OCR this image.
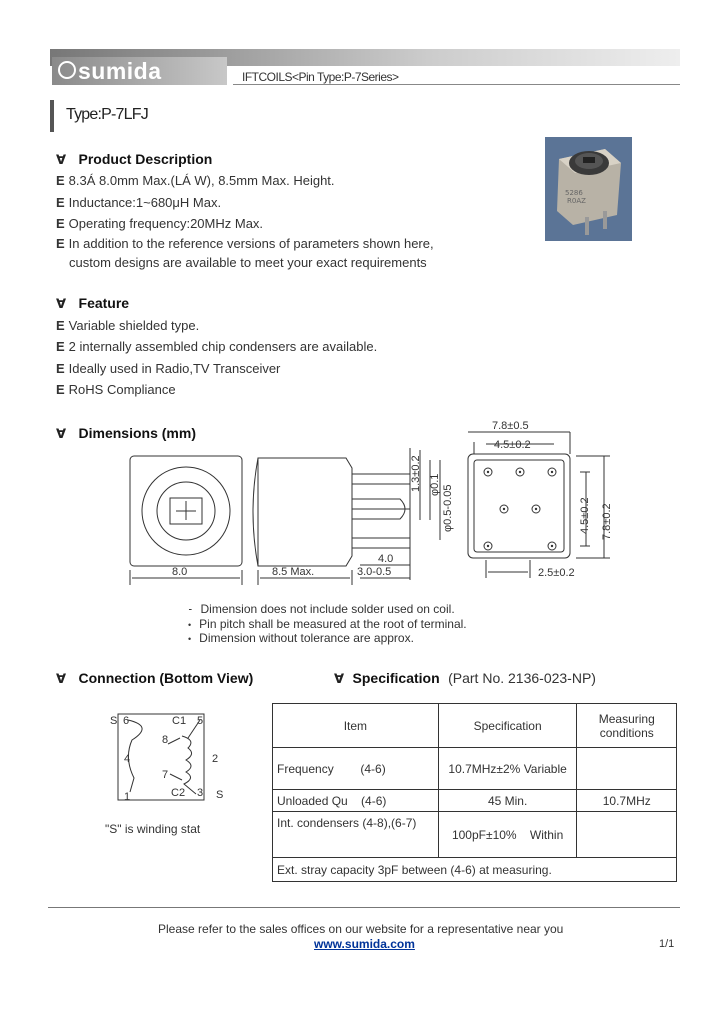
sumida	IFTCOILS<Pin Type:P-7Series>
Type:P-7LFJ
∀ Product Description
E 8.3Á 8.0mm Max.(LÁ W), 8.5mm Max. Height.
E Inductance:1~680μH Max.
E Operating frequency:20MHz Max.
E In addition to the reference versions of parameters shown here,
custom designs are available to meet your exact requirements
5286
R0AZ
∀ Feature
E Variable shielded type.
E 2 internally assembled chip condensers are available.
E Ideally used in Radio,TV Transceiver
E RoHS Compliance
∀ Dimensions (mm)
8.0	8.5 Max.
4.0
3.0-0.5
7.8±0.5
4.5±0.2
2.5±0.2
1.3±0.2 φ0.1 φ0.5-0.05	4.5±0.2 7.8±0.2
⁃ Dimension does not include solder used on coil.
• Pin pitch shall be measured at the root of terminal.
• Dimension without tolerance are approx.
∀ Connection (Bottom View)
S
S
C1
C2
6	5
4
1
8
7
3
2
"S" is winding stat
∀ Specification (Part No. 2136-023-NP)
Item	Specification	Measuring conditions
Frequency        (4-6)	10.7MHz±2% Variable	
Unloaded Qu    (4-6)	45 Min.	10.7MHz
Int. condensers (4-8),(6-7)	100pF±10%    Within	
Ext. stray capacity 3pF between (4-6) at measuring.		
Please refer to the sales offices on our website for a representative near you
www.sumida.com	1/1
